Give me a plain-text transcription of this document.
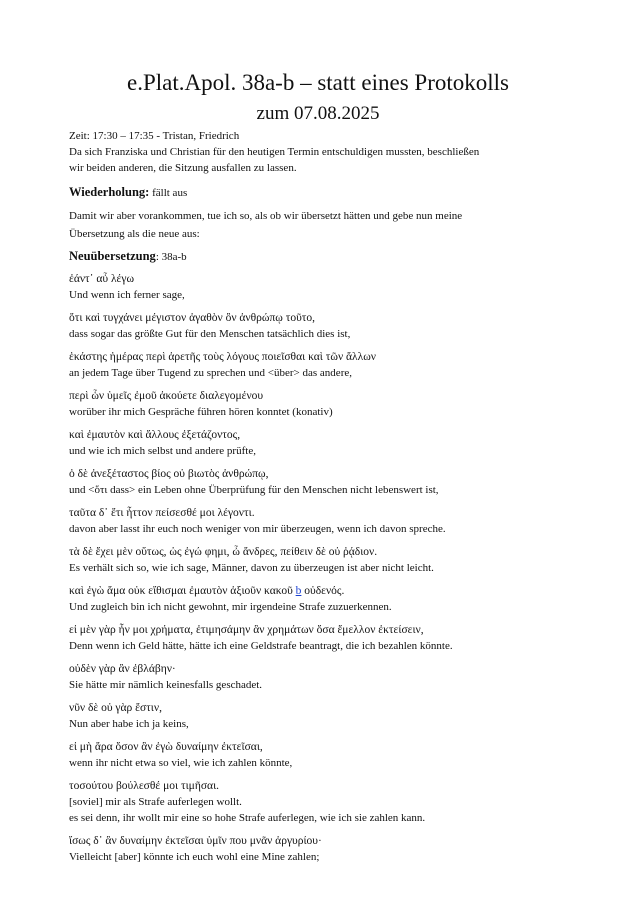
e.Plat.Apol. 38a-b – statt eines Protokolls
zum 07.08.2025
Zeit: 17:30 – 17:35 - Tristan, Friedrich
Da sich Franziska und Christian für den heutigen Termin entschuldigen mussten, beschließen
wir beiden anderen, die Sitzung ausfallen zu lassen.
Wiederholung: fällt aus
Damit wir aber vorankommen, tue ich so, als ob wir übersetzt hätten und gebe nun meine
Übersetzung als die neue aus:
Neuübersetzung: 38a-b
ἐάντ᾽ αὖ λέγω
Und wenn ich ferner sage,
ὅτι καὶ τυγχάνει μέγιστον ἀγαθὸν ὂν ἀνθρώπῳ τοῦτο,
dass sogar das größte Gut für den Menschen tatsächlich dies ist,
ἑκάστης ἡμέρας περὶ ἀρετῆς τοὺς λόγους ποιεῖσθαι καὶ τῶν ἄλλων
an jedem Tage über Tugend zu sprechen und <über> das andere,
περὶ ὧν ὑμεῖς ἐμοῦ ἀκούετε διαλεγομένου
worüber ihr mich Gespräche führen hören konntet (konativ)
καὶ ἐμαυτὸν καὶ ἄλλους ἐξετάζοντος,
und wie ich mich selbst und andere prüfte,
ὁ δὲ ἀνεξέταστος βίος οὐ βιωτὸς ἀνθρώπῳ,
und <ὅτι dass> ein Leben ohne Überprüfung für den Menschen nicht lebenswert ist,
ταῦτα δ᾽ ἔτι ἧττον πείσεσθέ μοι λέγοντι.
davon aber lasst ihr euch noch weniger von mir überzeugen, wenn ich davon spreche.
τὰ δὲ ἔχει μὲν οὕτως, ὡς ἐγώ φημι, ὦ ἄνδρες, πείθειν δὲ οὐ ῥᾴδιον.
Es verhält sich so, wie ich sage, Männer, davon zu überzeugen ist aber nicht leicht.
καὶ ἐγὼ ἅμα οὐκ εἴθισμαι ἐμαυτὸν ἀξιοῦν κακοῦ b οὐδενός.
Und zugleich bin ich nicht gewohnt, mir irgendeine Strafe zuzuerkennen.
εἰ μὲν γὰρ ἦν μοι χρήματα, ἐτιμησάμην ἂν χρημάτων ὅσα ἔμελλον ἐκτείσειν,
Denn wenn ich Geld hätte, hätte ich eine Geldstrafe beantragt, die ich bezahlen könnte.
οὐδὲν γὰρ ἂν ἐβλάβην·
Sie hätte mir nämlich keinesfalls geschadet.
νῦν δὲ οὐ γὰρ ἔστιν,
Nun aber habe ich ja keins,
εἰ μὴ ἄρα ὅσον ἂν ἐγὼ δυναίμην ἐκτεῖσαι,
wenn ihr nicht etwa so viel, wie ich zahlen könnte,
τοσούτου βούλεσθέ μοι τιμῆσαι.
[soviel] mir als Strafe auferlegen wollt.
es sei denn, ihr wollt mir eine so hohe Strafe auferlegen, wie ich sie zahlen kann.
ἴσως δ᾽ ἂν δυναίμην ἐκτεῖσαι ὑμῖν που μνᾶν ἀργυρίου·
Vielleicht [aber] könnte ich euch wohl eine Mine zahlen;
